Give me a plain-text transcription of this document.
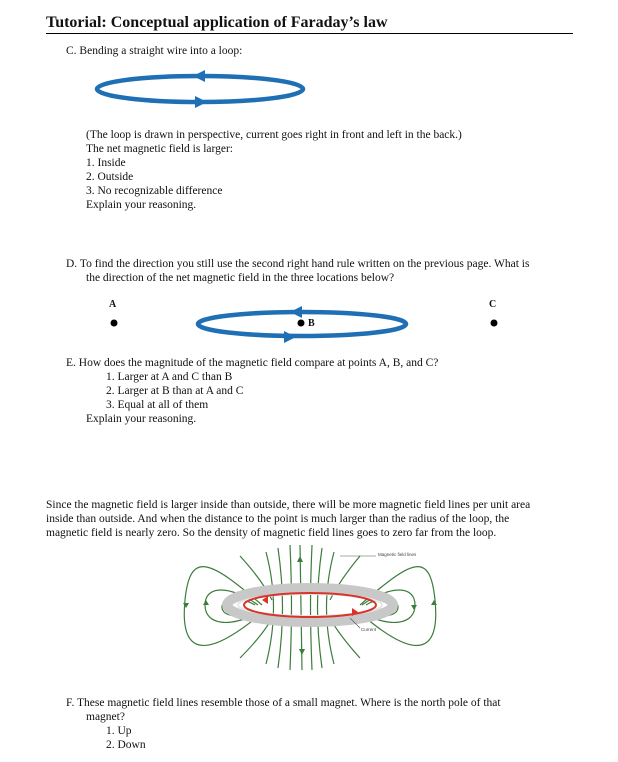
Tutorial: Conceptual application of Faraday’s law
C. Bending a straight wire into a loop:
(The loop is drawn in perspective, current goes right in front and left in the back.)
The net magnetic field is larger:
1. Inside
2. Outside
3. No recognizable difference
Explain your reasoning.
D. To find the direction you still use the second right hand rule written on the previous page. What is
the direction of the net magnetic field in the three locations below?
A
B
C
E. How does the magnitude of the magnetic field compare at points A, B, and C?
1. Larger at A and C than B
2. Larger at B than at A and C
3. Equal at all of them
Explain your reasoning.
Since the magnetic field is larger inside than outside, there will be more magnetic field lines per unit area
inside than outside. And when the distance to the point is much larger than the radius of the loop, the
magnetic field is nearly zero. So the density of magnetic field lines goes to zero far from the loop.
Magnetic field lines
Current
F. These magnetic field lines resemble those of a small magnet. Where is the north pole of that
magnet?
1. Up
2. Down
